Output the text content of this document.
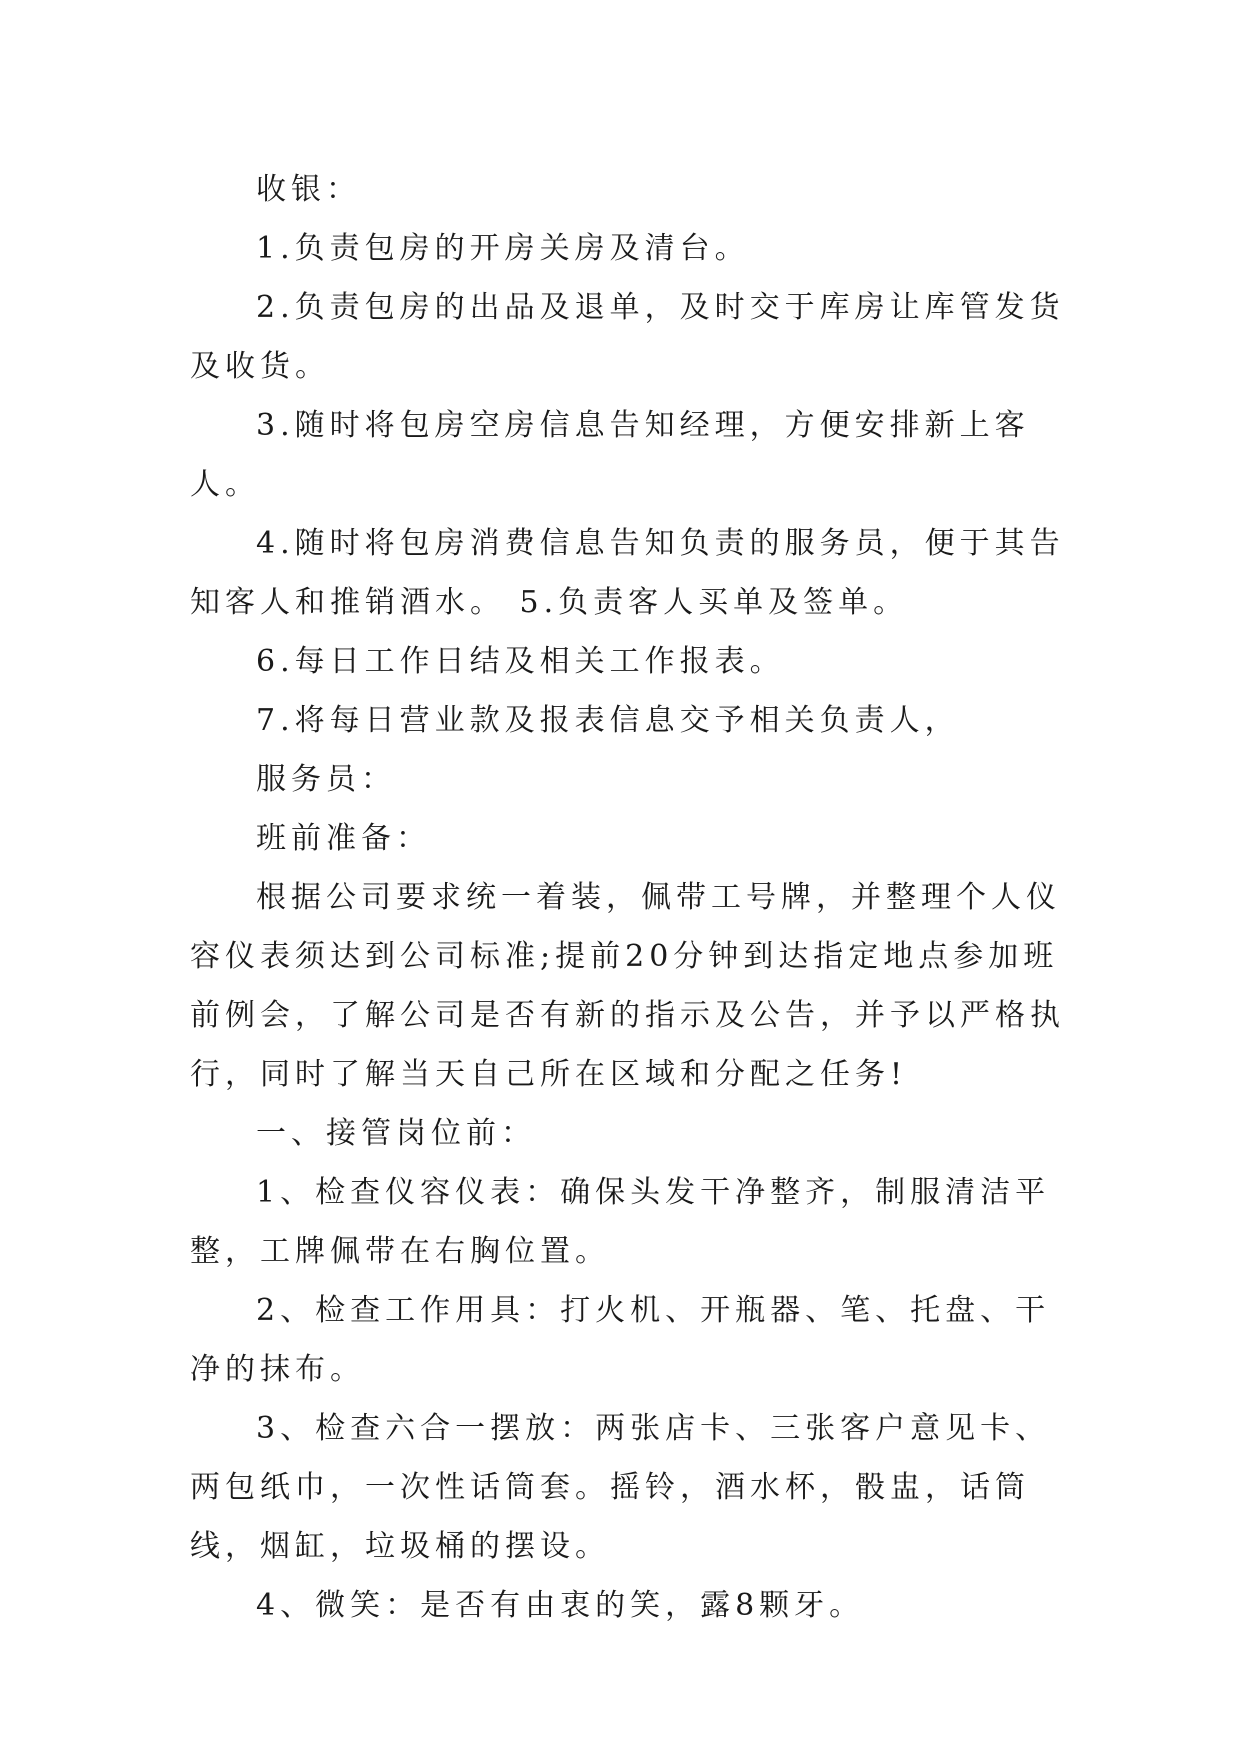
收银：

1.负责包房的开房关房及清台。

2.负责包房的出品及退单，及时交于库房让库管发货及收货。

3.随时将包房空房信息告知经理，方便安排新上客人。

4.随时将包房消费信息告知负责的服务员，便于其告知客人和推销酒水。 5.负责客人买单及签单。

6.每日工作日结及相关工作报表。

7.将每日营业款及报表信息交予相关负责人，

服务员：

班前准备：

根据公司要求统一着装，佩带工号牌，并整理个人仪容仪表须达到公司标准;提前20分钟到达指定地点参加班前例会，了解公司是否有新的指示及公告，并予以严格执行，同时了解当天自己所在区域和分配之任务!

一、接管岗位前：

1、检查仪容仪表：确保头发干净整齐，制服清洁平整，工牌佩带在右胸位置。

2、检查工作用具：打火机、开瓶器、笔、托盘、干净的抹布。

3、检查六合一摆放：两张店卡、三张客户意见卡、两包纸巾，一次性话筒套。摇铃，酒水杯，骰盅，话筒线，烟缸，垃圾桶的摆设。

4、微笑：是否有由衷的笑，露8颗牙。
